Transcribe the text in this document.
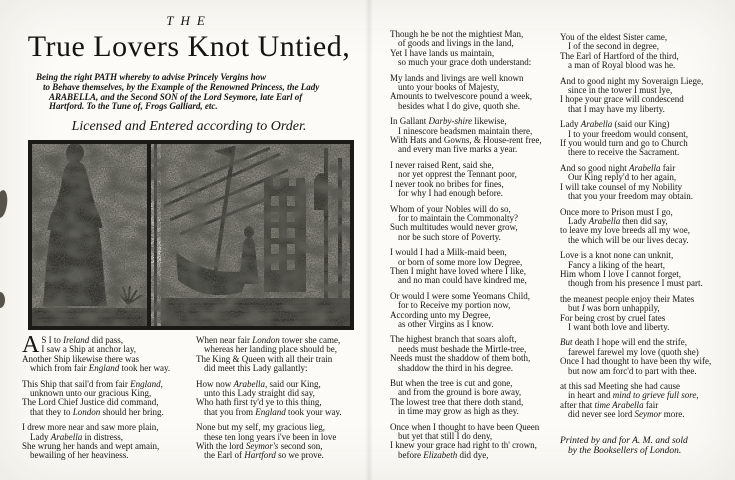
THE
True Lovers Knot Untied,
Being the right PATH whereby to advise Princely Vergins how
to Behave themselves, by the Example of the Renowned Princess, the Lady
ARABELLA, and the Second SON of the Lord Seymore, late Earl of
Hartford. To the Tune of, Frogs Galliard, etc.
Licensed and Entered according to Order.
A S I to Ireland did pass,
I saw a Ship at anchor lay,
Another Ship likewise there was
which from fair England took her way.
This Ship that sail'd from fair England,
unknown unto our gracious King,
The Lord Chief Justice did command,
that they to London should her bring.
I drew more near and saw more plain,
Lady Arabella in distress,
She wrung her hands and wept amain,
bewailing of her heaviness.
When near fair London tower she came,
whereas her landing place should be,
The King & Queen with all their train
did meet this Lady gallantly:
How now Arabella, said our King,
unto this Lady straight did say,
Who hath first ty'd ye to this thing,
that you from England took your way.
None but my self, my gracious lieg,
these ten long years i've been in love
With the lord Seymor's second son,
the Earl of Hartford so we prove.
Though he be not the mightiest Man,
of goods and livings in the land,
Yet I have lands us maintain,
so much your grace doth understand:
My lands and livings are well known
unto your books of Majesty,
Amounts to twelvescore pound a week,
besides what I do give, quoth she.
In Gallant Darby-shire likewise,
I ninescore beadsmen maintain there,
With Hats and Gowns, & House-rent free,
and every man five marks a year.
I never raised Rent, said she,
nor yet opprest the Tennant poor,
I never took no bribes for fines,
for why I had enough before.
Whom of your Nobles will do so,
for to maintain the Commonalty?
Such multitudes would never grow,
nor be such store of Poverty.
I would I had a Milk-maid been,
or born of some more low Degree,
Then I might have loved where I like,
and no man could have kindred me,
Or would I were some Yeomans Child,
for to Receive my portion now,
According unto my Degree,
as other Virgins as I know.
The highest branch that soars aloft,
needs must beshade the Mirtle-tree,
Needs must the shaddow of them both,
shaddow the third in his degree.
But when the tree is cut and gone,
and from the ground is bore away,
The lowest tree that there doth stand,
in time may grow as high as they.
Once when I thought to have been Queen
but yet that still I do deny,
I knew your grace had right to th' crown,
before Elizabeth did dye,
You of the eldest Sister came,
I of the second in degree,
The Earl of Hartford of the third,
a man of Royal blood was he.
And to good night my Soveraign Liege,
since in the tower I must lye,
I hope your grace will condescend
that I may have my liberty.
Lady Arabella (said our King)
I to your freedom would consent,
If you would turn and go to Church
there to receive the Sacrament.
And so good night Arabella fair
Our King reply'd to her again,
I will take counsel of my Nobility
that you your freedom may obtain.
Once more to Prison must I go,
Lady Arabella then did say,
to leave my love breeds all my woe,
the which will be our lives decay.
Love is a knot none can unknit,
Fancy a liking of the heart,
Him whom I love I cannot forget,
though from his presence I must part.
the meanest people enjoy their Mates
but I was born unhappily,
For being crost by cruel fates
I want both love and liberty.
But death I hope will end the strife,
farewel farewel my love (quoth she)
Once I had thought to have been thy wife,
but now am forc'd to part with thee.
at this sad Meeting she had cause
in heart and mind to grieve full sore,
after that time Arabella fair
did never see lord Seymor more.
Printed by and for A. M. and sold
by the Booksellers of London.
